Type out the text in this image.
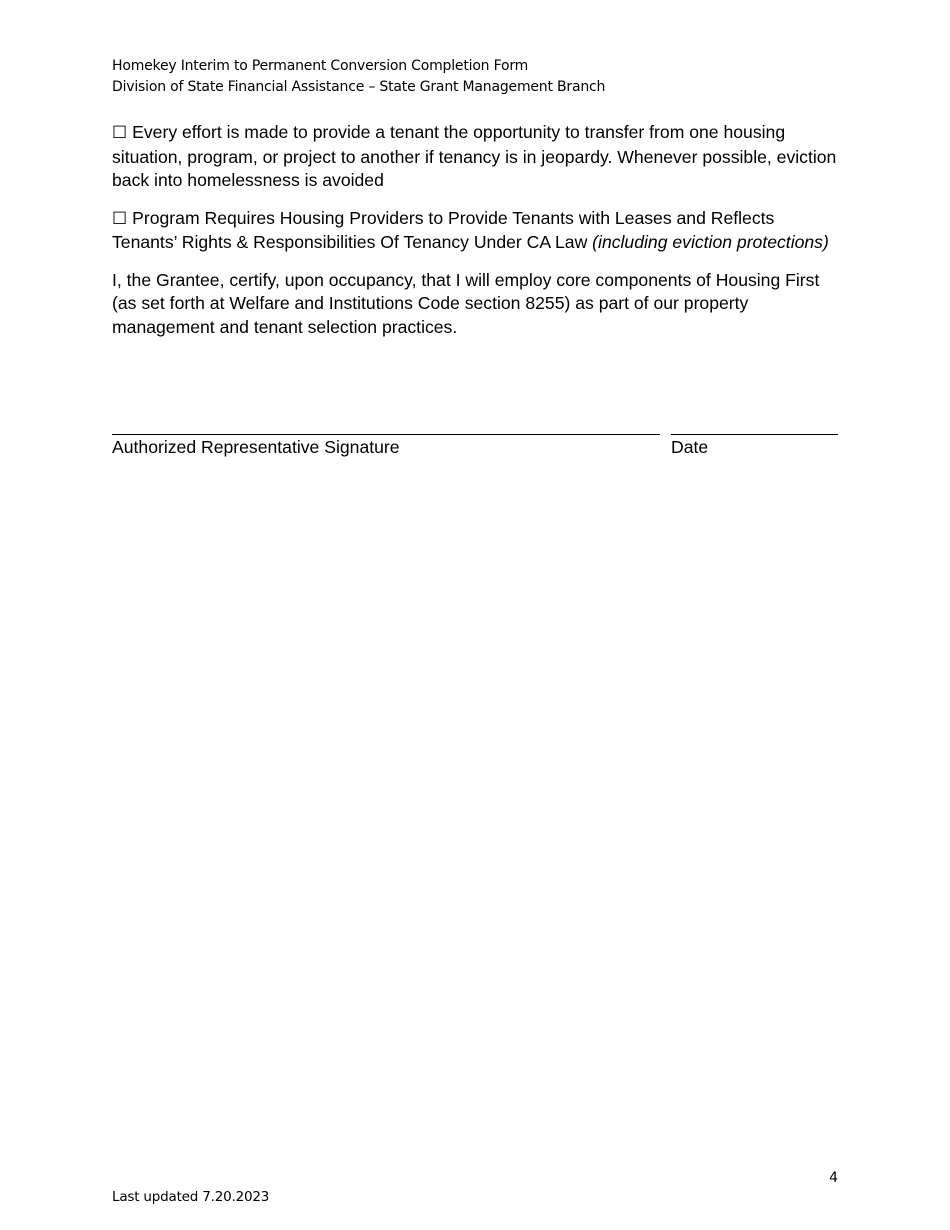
Homekey Interim to Permanent Conversion Completion Form
Division of State Financial Assistance – State Grant Management Branch

☐ Every effort is made to provide a tenant the opportunity to transfer from one housing situation, program, or project to another if tenancy is in jeopardy. Whenever possible, eviction back into homelessness is avoided

☐ Program Requires Housing Providers to Provide Tenants with Leases and Reflects Tenants’ Rights & Responsibilities Of Tenancy Under CA Law (including eviction protections)

I, the Grantee, certify, upon occupancy, that I will employ core components of Housing First (as set forth at Welfare and Institutions Code section 8255) as part of our property management and tenant selection practices.

Authorized Representative Signature	Date
4
Last updated 7.20.2023
